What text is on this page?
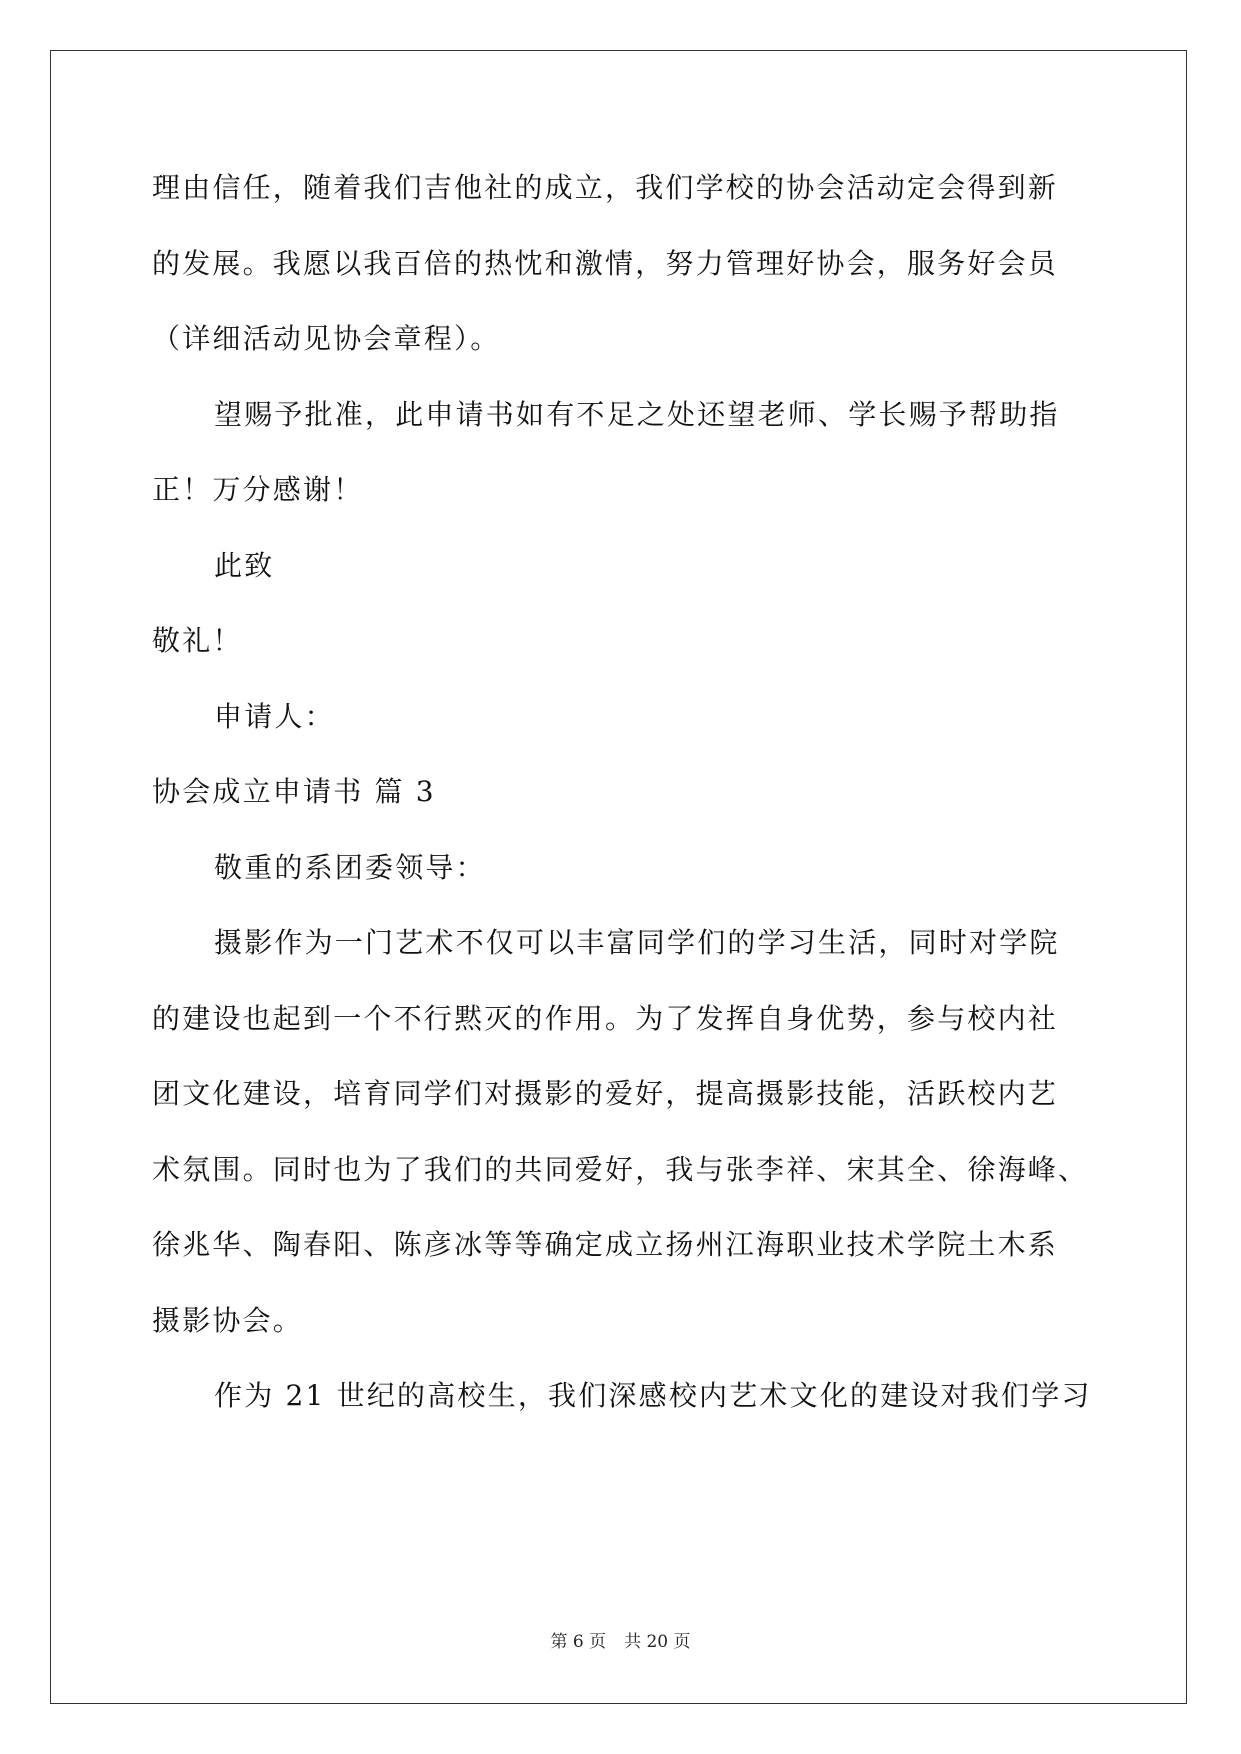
理由信任，随着我们吉他社的成立，我们学校的协会活动定会得到新
的发展。我愿以我百倍的热忱和激情，努力管理好协会，服务好会员
（详细活动见协会章程）。
望赐予批准，此申请书如有不足之处还望老师、学长赐予帮助指
正！万分感谢！
此致
敬礼！
申请人：
协会成立申请书 篇 3
敬重的系团委领导：
摄影作为一门艺术不仅可以丰富同学们的学习生活，同时对学院
的建设也起到一个不行黙灭的作用。为了发挥自身优势，参与校内社
团文化建设，培育同学们对摄影的爱好，提高摄影技能，活跃校内艺
术氛围。同时也为了我们的共同爱好，我与张李祥、宋其全、徐海峰、
徐兆华、陶春阳、陈彦冰等等确定成立扬州江海职业技术学院土木系
摄影协会。
作为 21 世纪的高校生，我们深感校内艺术文化的建设对我们学习
第 6 页 共 20 页
